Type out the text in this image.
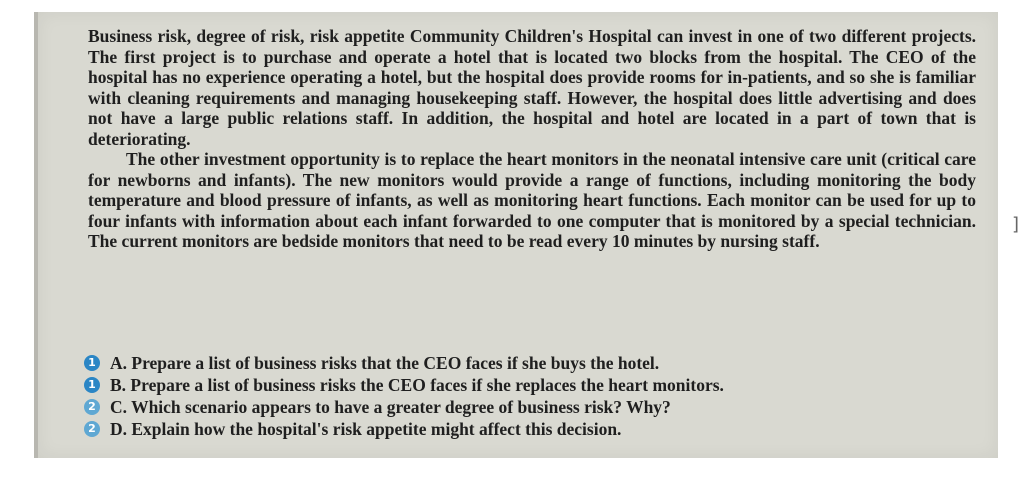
Business risk, degree of risk, risk appetite Community Children's Hospital can invest in one of two different projects. The first project is to purchase and operate a hotel that is located two blocks from the hospital. The CEO of the hospital has no experience operating a hotel, but the hospital does provide rooms for in-patients, and so she is familiar with cleaning requirements and managing housekeeping staff. However, the hospital does little advertising and does not have a large public relations staff. In addition, the hospital and hotel are located in a part of town that is deteriorating.

The other investment opportunity is to replace the heart monitors in the neonatal intensive care unit (critical care for newborns and infants). The new monitors would provide a range of functions, including monitoring the body temperature and blood pressure of infants, as well as monitoring heart functions. Each monitor can be used for up to four infants with information about each infant forwarded to one computer that is monitored by a special technician. The current monitors are bedside monitors that need to be read every 10 minutes by nursing staff.

1 A. Prepare a list of business risks that the CEO faces if she buys the hotel.
1 B. Prepare a list of business risks the CEO faces if she replaces the heart monitors.
2 C. Which scenario appears to have a greater degree of business risk? Why?
2 D. Explain how the hospital's risk appetite might affect this decision.
]
